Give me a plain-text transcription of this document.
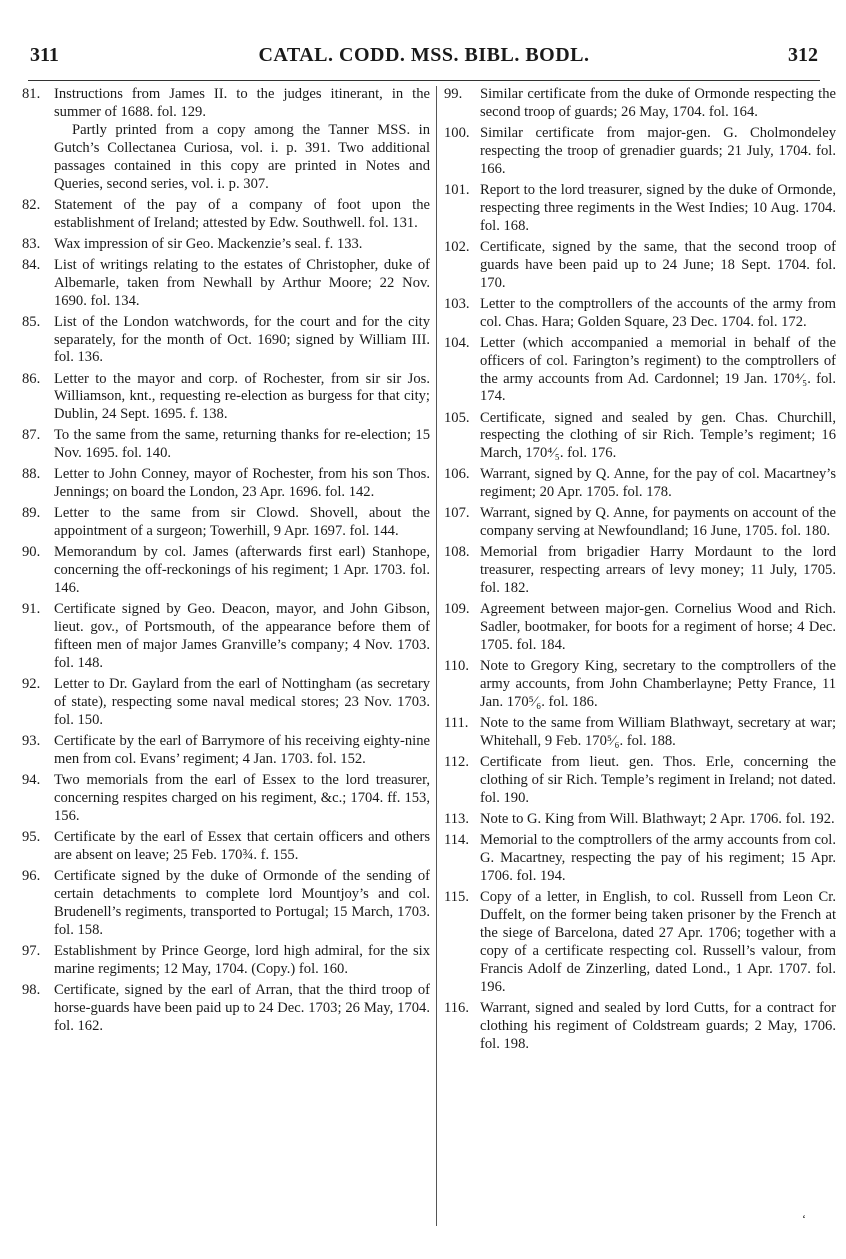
311	CATAL. CODD. MSS. BIBL. BODL.	312
81. Instructions from James II. to the judges itinerant, in the summer of 1688. fol. 129.
Partly printed from a copy among the Tanner MSS. in Gutch’s Collectanea Curiosa, vol. i. p. 391. Two additional passages contained in this copy are printed in Notes and Queries, second series, vol. i. p. 307.
82. Statement of the pay of a company of foot upon the establishment of Ireland; attested by Edw. Southwell. fol. 131.
83. Wax impression of sir Geo. Mackenzie’s seal. f. 133.
84. List of writings relating to the estates of Christopher, duke of Albemarle, taken from Newhall by Arthur Moore; 22 Nov. 1690. fol. 134.
85. List of the London watchwords, for the court and for the city separately, for the month of Oct. 1690; signed by William III. fol. 136.
86. Letter to the mayor and corp. of Rochester, from sir sir Jos. Williamson, knt., requesting re-election as burgess for that city; Dublin, 24 Sept. 1695. f. 138.
87. To the same from the same, returning thanks for re-election; 15 Nov. 1695. fol. 140.
88. Letter to John Conney, mayor of Rochester, from his son Thos. Jennings; on board the London, 23 Apr. 1696. fol. 142.
89. Letter to the same from sir Clowd. Shovell, about the appointment of a surgeon; Towerhill, 9 Apr. 1697. fol. 144.
90. Memorandum by col. James (afterwards first earl) Stanhope, concerning the off-reckonings of his regiment; 1 Apr. 1703. fol. 146.
91. Certificate signed by Geo. Deacon, mayor, and John Gibson, lieut. gov., of Portsmouth, of the appearance before them of fifteen men of major James Granville’s company; 4 Nov. 1703. fol. 148.
92. Letter to Dr. Gaylard from the earl of Nottingham (as secretary of state), respecting some naval medical stores; 23 Nov. 1703. fol. 150.
93. Certificate by the earl of Barrymore of his receiving eighty-nine men from col. Evans’ regiment; 4 Jan. 1703. fol. 152.
94. Two memorials from the earl of Essex to the lord treasurer, concerning respites charged on his regiment, &c.; 1704. ff. 153, 156.
95. Certificate by the earl of Essex that certain officers and others are absent on leave; 25 Feb. 170¾. f. 155.
96. Certificate signed by the duke of Ormonde of the sending of certain detachments to complete lord Mountjoy’s and col. Brudenell’s regiments, transported to Portugal; 15 March, 1703. fol. 158.
97. Establishment by Prince George, lord high admiral, for the six marine regiments; 12 May, 1704. (Copy.) fol. 160.
98. Certificate, signed by the earl of Arran, that the third troop of horse-guards have been paid up to 24 Dec. 1703; 26 May, 1704. fol. 162.
99. Similar certificate from the duke of Ormonde respecting the second troop of guards; 26 May, 1704. fol. 164.
100. Similar certificate from major-gen. G. Cholmondeley respecting the troop of grenadier guards; 21 July, 1704. fol. 166.
101. Report to the lord treasurer, signed by the duke of Ormonde, respecting three regiments in the West Indies; 10 Aug. 1704. fol. 168.
102. Certificate, signed by the same, that the second troop of guards have been paid up to 24 June; 18 Sept. 1704. fol. 170.
103. Letter to the comptrollers of the accounts of the army from col. Chas. Hara; Golden Square, 23 Dec. 1704. fol. 172.
104. Letter (which accompanied a memorial in behalf of the officers of col. Farington’s regiment) to the comptrollers of the army accounts from Ad. Cardonnel; 19 Jan. 170⁴⁄₅. fol. 174.
105. Certificate, signed and sealed by gen. Chas. Churchill, respecting the clothing of sir Rich. Temple’s regiment; 16 March, 170⁴⁄₅. fol. 176.
106. Warrant, signed by Q. Anne, for the pay of col. Macartney’s regiment; 20 Apr. 1705. fol. 178.
107. Warrant, signed by Q. Anne, for payments on account of the company serving at Newfoundland; 16 June, 1705. fol. 180.
108. Memorial from brigadier Harry Mordaunt to the lord treasurer, respecting arrears of levy money; 11 July, 1705. fol. 182.
109. Agreement between major-gen. Cornelius Wood and Rich. Sadler, bootmaker, for boots for a regiment of horse; 4 Dec. 1705. fol. 184.
110. Note to Gregory King, secretary to the comptrollers of the army accounts, from John Chamberlayne; Petty France, 11 Jan. 170⁵⁄₆. fol. 186.
111. Note to the same from William Blathwayt, secretary at war; Whitehall, 9 Feb. 170⁵⁄₆. fol. 188.
112. Certificate from lieut. gen. Thos. Erle, concerning the clothing of sir Rich. Temple’s regiment in Ireland; not dated. fol. 190.
113. Note to G. King from Will. Blathwayt; 2 Apr. 1706. fol. 192.
114. Memorial to the comptrollers of the army accounts from col. G. Macartney, respecting the pay of his regiment; 15 Apr. 1706. fol. 194.
115. Copy of a letter, in English, to col. Russell from Leon Cr. Duffelt, on the former being taken prisoner by the French at the siege of Barcelona, dated 27 Apr. 1706; together with a copy of a certificate respecting col. Russell’s valour, from Francis Adolf de Zinzerling, dated Lond., 1 Apr. 1707. fol. 196.
116. Warrant, signed and sealed by lord Cutts, for a contract for clothing his regiment of Coldstream guards; 2 May, 1706. fol. 198.
‘
